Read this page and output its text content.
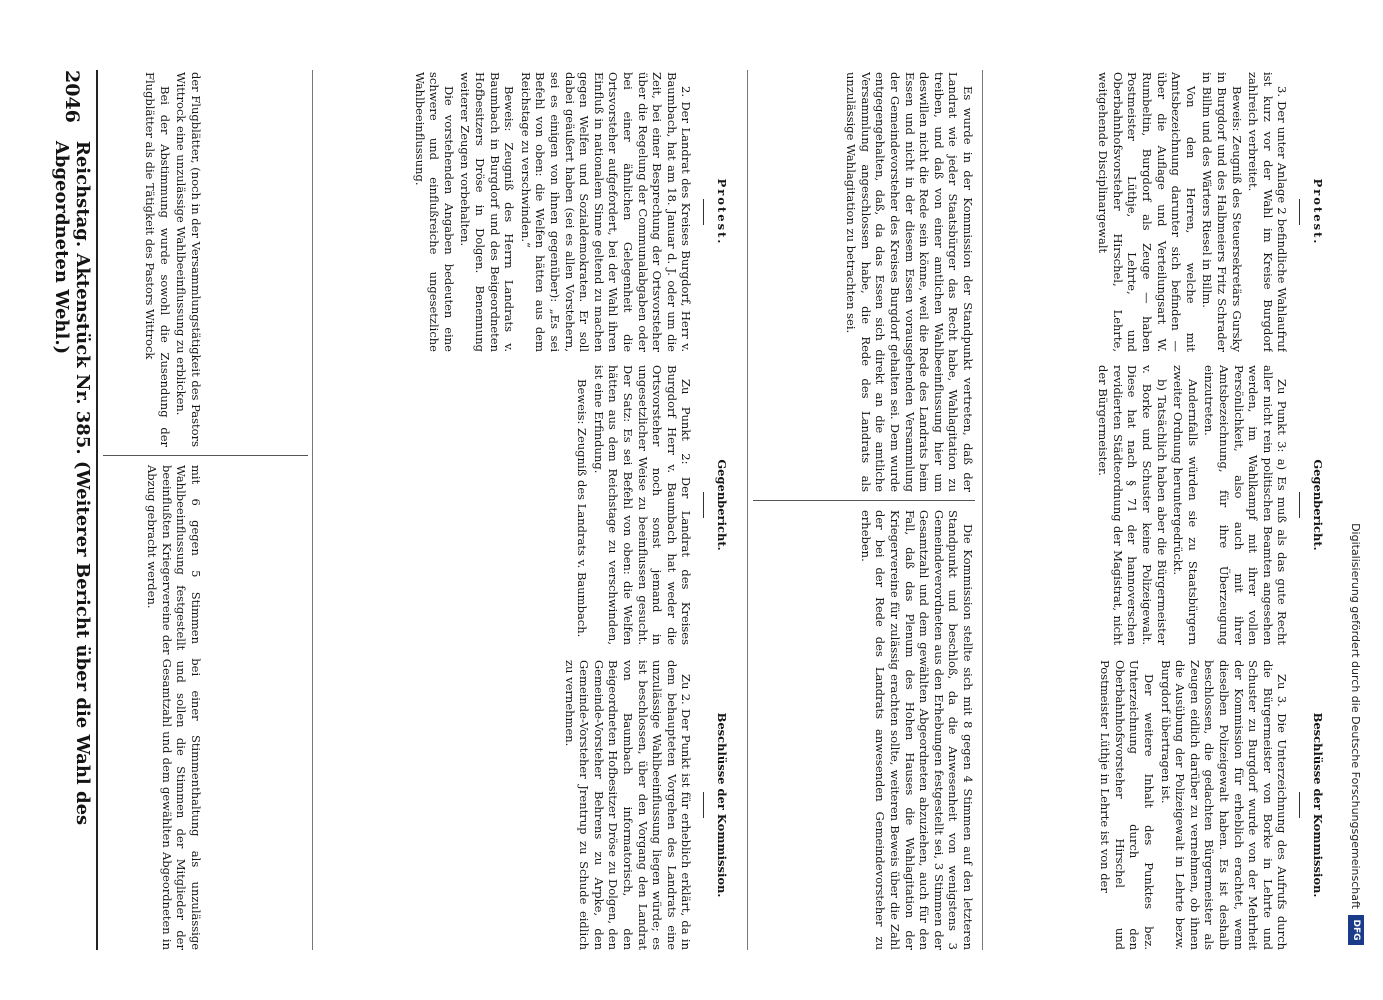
2046
Reichstag. Aktenstück Nr. 385. (Weiterer Bericht über die Wahl des Abgeordneten Wehl.)
Digitalisierung gefördert durch die Deutsche Forschungsgemeinschaft
DFG

der Flugblätter, (noch in der Versammlungstätigkeit des Pastors Wittrock eine unzulässige Wahlbeeinflussung zu erblicken.

Bei der Abstimmung wurde sowohl die Zusendung der Flugblätter als die Tätigkeit des Pastors Wittrock

mit 6 gegen 5 Stimmen bei einer Stimmenthaltung als unzulässige Wahlbeeinflussung festgestellt und sollen die Stimmen der Mitglieder der beeinflußten Kriegervereine der Gesamtzahl und dem gewählten Abgeordneten in Abzug gebracht werden.

Protest.

2. Der Landrat des Kreises Burgdorf, Herr v. Baumbach, hat am 18. Januar d. J. oder um die Zeit, bei einer Besprechung der Ortsvorsteher über die Regelung der Communalabgaben oder bei einer ähnlichen Gelegenheit die Ortsvorsteher aufgefordert, bei der Wahl ihren Einfluß in nationalem Sinne geltend zu machen gegen Welfen und Sozialdemokraten. Er soll dabei geäußert haben (sei es allen Vorstehern, sei es einigen von ihnen gegenüber): „Es sei Befehl von oben: die Welfen hätten aus dem Reichstage zu verschwinden.“

Beweis: Zeugniß des Herrn Landrats v. Baumbach in Burgdorf und des Beigeordneten Hofbesitzers Dröse in Dolgen. Benennung weiterer Zeugen vorbehalten.

Die vorstehenden Angaben bedeuten eine schwere und einflußreiche ungesetzliche Wahlbeeinflussung.

Gegenbericht.

Zu Punkt 2: Der Landrat des Kreises Burgdorf Herr v. Baumbach hat weder die Ortsvorsteher noch sonst jemand in ungesetzlicher Weise zu beeinflussen gesucht. Der Satz: Es sei Befehl von oben: die Welfen hätten aus dem Reichstage zu verschwinden, ist eine Erfindung.

Beweis: Zeugniß des Landrats v. Baumbach.

Beschlüsse der Kommission.

Zu 2. Der Punkt ist für erheblich erklärt, da in dem behaupteten Vorgehen des Landrats eine unzulässige Wahlbeeinflussung liegen würde; es ist beschlossen, über den Vorgang den Landrat von Baumbach informatorisch, den Beigeordneten Hofbesitzer Dröse zu Dolgen, den Gemeinde-Vorsteher Behrens zu Arpke, den Gemeinde-Vorsteher Jrentrup zu Schude eidlich zu vernehmen.

Es wurde in der Kommission der Standpunkt vertreten, daß der Landrat wie jeder Staatsbürger das Recht habe, Wahlagitation zu treiben, und daß von einer amtlichen Wahlbeeinflussung hier um deswillen nicht die Rede sein könne, weil die Rede des Landrats beim Essen und nicht in der diesem Essen vorausgehenden Versammlung der Gemeindevorsteher des Kreises Burgdorf gehalten sei. Dem wurde entgegengehalten, daß, da das Essen sich direkt an die amtliche Versammlung angeschlossen habe, die Rede des Landrats als unzulässige Wahlagitation zu betrachten sei.

Die Kommission stellte sich mit 8 gegen 4 Stimmen auf den letzteren Standpunkt und beschloß, da die Anwesenheit von wenigstens 3 Gemeindeverordneten aus den Erhebungen festgestellt sei, 3 Stimmen der Gesamtzahl und dem gewählten Abgeordneten abzuziehen, auch für den Fall, daß das Plenum des Hohen Hauses die Wahlagitation der Kriegervereine für zulässig erachten sollte, weiteren Beweis über die Zahl der bei der Rede des Landrats anwesenden Gemeindevorsteher zu erheben.

Protest.

3. Der unter Anlage 2 befindliche Wahlaufruf ist kurz vor der Wahl im Kreise Burgdorf zahlreich verbreitet.

Beweis: Zeugniß des Steuersekretärs Gursky in Burgdorf und des Halbmeiers Fritz Schrader in Billm und des Wärters Riesel in Billm.

Von den Herren, welche mit Amtsbezeichnung darunter sich befinden — über die Auflage und Verteilungsart W. Rumbeltin, Burgdorf als Zeuge — haben Postmeister Lüthje, Lehrte, und Oberbahnhofsvorsteher Hirschel, Lehrte, weitgehende Disciplinargewalt

Gegenbericht.

Zu Punkt 3: a) Es muß als das gute Recht aller nicht rein politischen Beamten angesehen werden, im Wahlkampf mit ihrer vollen Persönlichkeit, also auch mit ihrer Amtsbezeichnung, für ihre Überzeugung einzutreten.

Andernfalls würden sie zu Staatsbürgern zweiter Ordnung heruntergedrückt.

b) Tatsächlich haben aber die Bürgermeister v. Borke und Schuster keine Polizeigewalt. Diese hat nach § 71 der hannoverschen revidierten Städteordnung der Magistrat, nicht der Bürgermeister.

Beschlüsse der Kommission.

Zu 3. Die Unterzeichnung des Aufrufs durch die Bürgermeister von Borke in Lehrte und Schuster zu Burgdorf wurde von der Mehrheit der Kommission für erheblich erachtet, wenn dieselben Polizeigewalt haben. Es ist deshalb beschlossen, die gedachten Bürgermeister als Zeugen eidlich darüber zu vernehmen, ob ihnen die Ausübung der Polizeigewalt in Lehrte bezw. Burgdorf übertragen ist.

Der weitere Inhalt des Punktes bez. Unterzeichnung durch den Oberbahnhofsvorsteher Hirschel und Postmeister Lüthje in Lehrte ist von der
